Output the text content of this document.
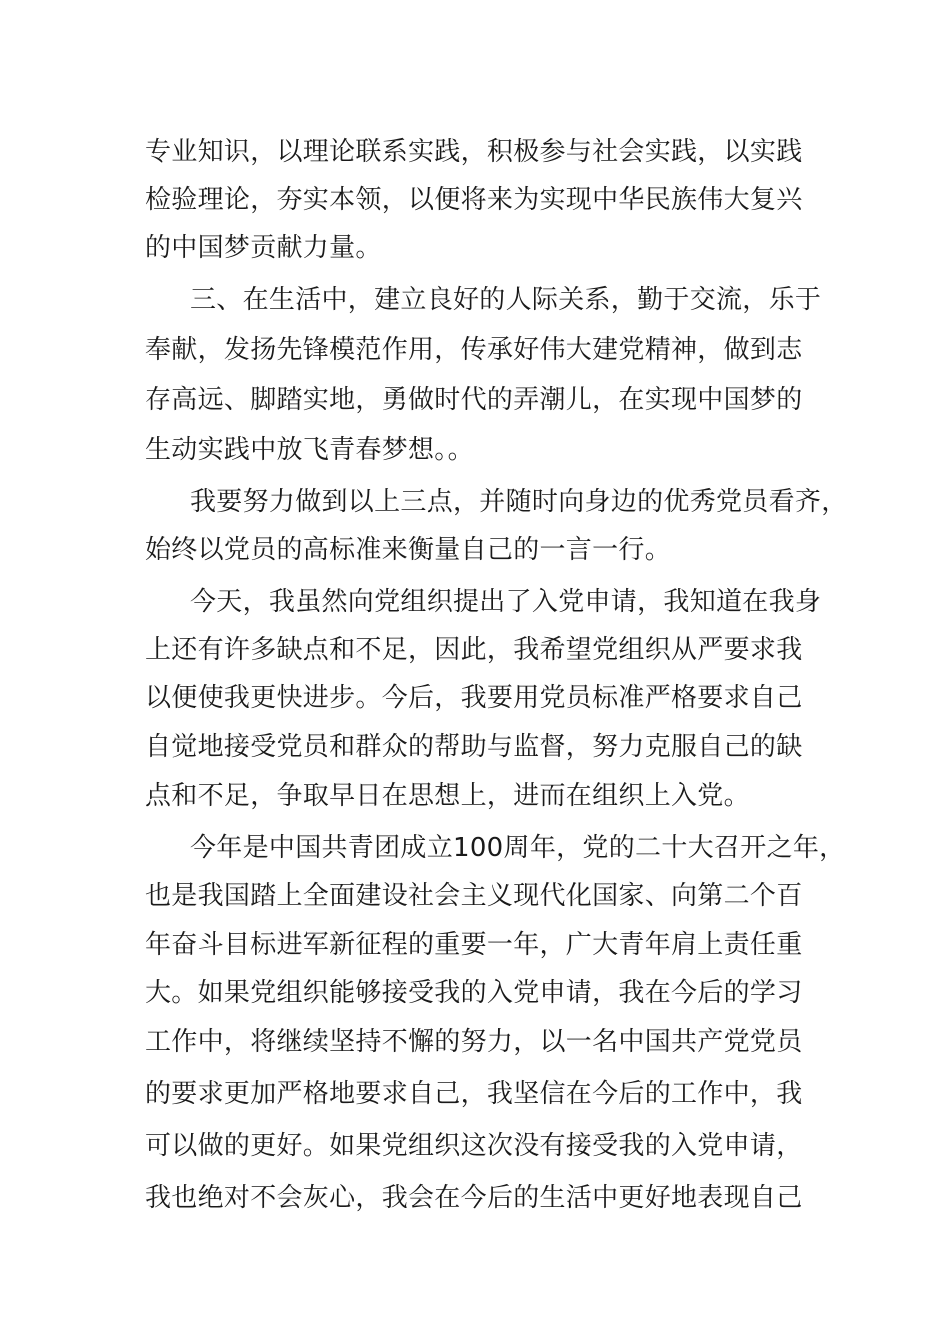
专业知识，以理论联系实践，积极参与社会实践，以实践
检验理论，夯实本领，以便将来为实现中华民族伟大复兴
的中国梦贡献力量。
三、在生活中，建立良好的人际关系，勤于交流，乐于
奉献，发扬先锋模范作用，传承好伟大建党精神，做到志
存高远、脚踏实地，勇做时代的弄潮儿，在实现中国梦的
生动实践中放飞青春梦想。。
我要努力做到以上三点，并随时向身边的优秀党员看齐，
始终以党员的高标准来衡量自己的一言一行。
今天，我虽然向党组织提出了入党申请，我知道在我身
上还有许多缺点和不足，因此，我希望党组织从严要求我
以便使我更快进步。今后，我要用党员标准严格要求自己
自觉地接受党员和群众的帮助与监督，努力克服自己的缺
点和不足，争取早日在思想上，进而在组织上入党。
今年是中国共青团成立100周年，党的二十大召开之年，
也是我国踏上全面建设社会主义现代化国家、向第二个百
年奋斗目标进军新征程的重要一年，广大青年肩上责任重
大。如果党组织能够接受我的入党申请，我在今后的学习
工作中，将继续坚持不懈的努力，以一名中国共产党党员
的要求更加严格地要求自己，我坚信在今后的工作中，我
可以做的更好。如果党组织这次没有接受我的入党申请，
我也绝对不会灰心，我会在今后的生活中更好地表现自己
